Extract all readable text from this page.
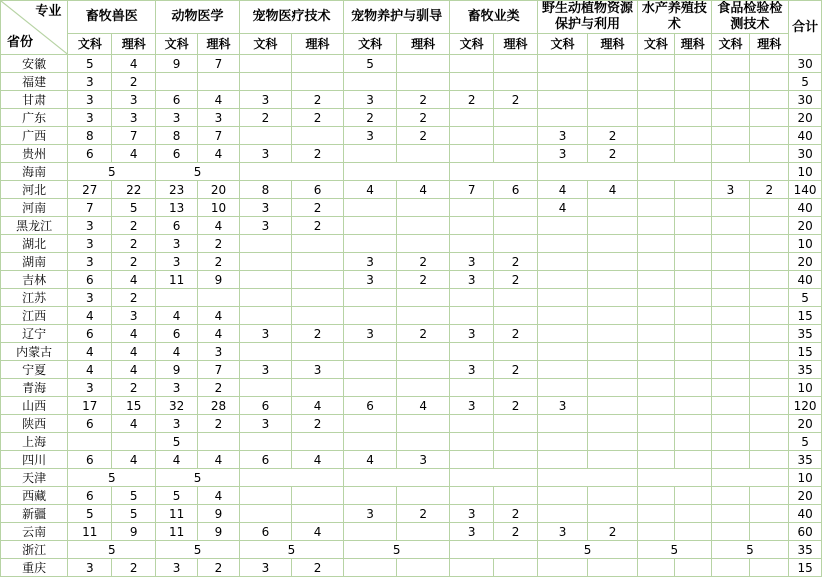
专业
省份	畜牧兽医		动物医学		宠物医疗技术		宠物养护与驯导		畜牧业类		野生动植物资源保护与利用		水产养殖技术		食品检验检测技术		合计
	文科	理科	文科	理科	文科	理科	文科	理科	文科	理科	文科	理科	文科	理科	文科	理科	
安徽	5	4	9	7			5										30
福建	3	2															5
甘肃	3	3	6	4	3	2	3	2	2	2							30
广东	3	3	3	3	2	2	2	2									20
广西	8	7	8	7			3	2			3	2					40
贵州	6	4	6	4	3	2					3	2					30
海南	5		5														10
河北	27	22	23	20	8	6	4	4	7	6	4	4			3	2	140
河南	7	5	13	10	3	2					4						40
黑龙江	3	2	6	4	3	2											20
湖北	3	2	3	2													10
湖南	3	2	3	2			3	2	3	2							20
吉林	6	4	11	9			3	2	3	2							40
江苏	3	2															5
江西	4	3	4	4													15
辽宁	6	4	6	4	3	2	3	2	3	2							35
内蒙古	4	4	4	3													15
宁夏	4	4	9	7	3	3			3	2							35
青海	3	2	3	2													10
山西	17	15	32	28	6	4	6	4	3	2	3						120
陕西	6	4	3	2	3	2											20
上海			5														5
四川	6	4	4	4	6	4	4	3									35
天津	5		5														10
西藏	6	5	5	4													20
新疆	5	5	11	9			3	2	3	2							40
云南	11	9	11	9	6	4			3	2	3	2					60
浙江	5		5		5		5				5		5		5		35
重庆	3	2	3	2	3	2											15
